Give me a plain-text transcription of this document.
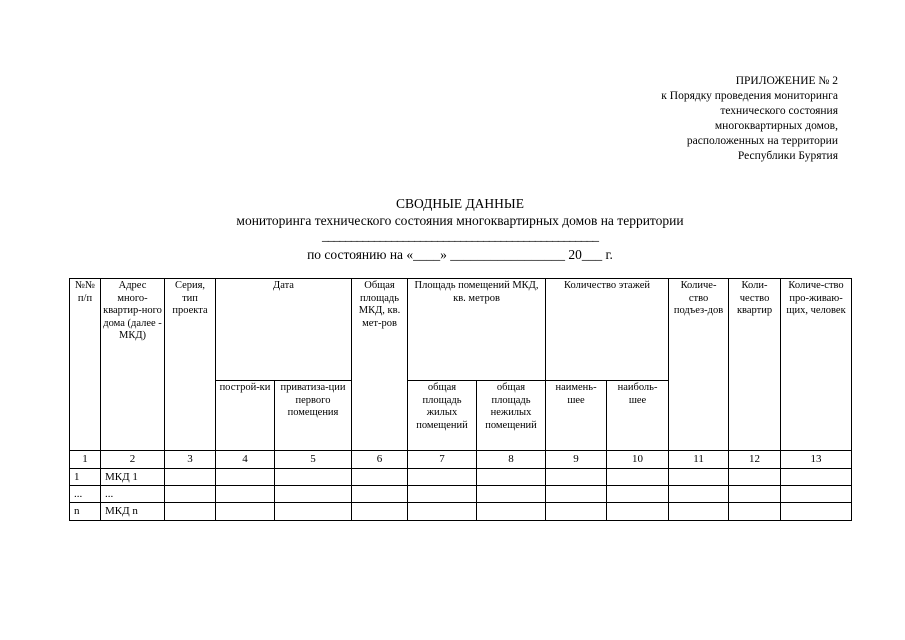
ПРИЛОЖЕНИЕ № 2
к Порядку проведения мониторинга
технического состояния
многоквартирных домов,
расположенных на территории
Республики Бурятия
СВОДНЫЕ ДАННЫЕ
мониторинга технического состояния многоквартирных домов на территории
________________________________________________
по состоянию на «____» _________________ 20___ г.
№№ п/п	Адрес много-квартир-ного дома (далее - МКД)	Серия, тип проекта	Дата		Общая площадь МКД, кв. мет-ров	Площадь помещений МКД, кв. метров		Количество этажей		Количе-ство подъез-дов	Коли-чество квартир	Количе-ство про-живаю-щих, человек
			построй-ки	приватиза-ции первого помещения		общая площадь жилых помещений	общая площадь нежилых помещений	наимень-шее	наиболь-шее			
1	2	3	4	5	6	7	8	9	10	11	12	13
1	МКД 1											
...	...											
n	МКД n											
